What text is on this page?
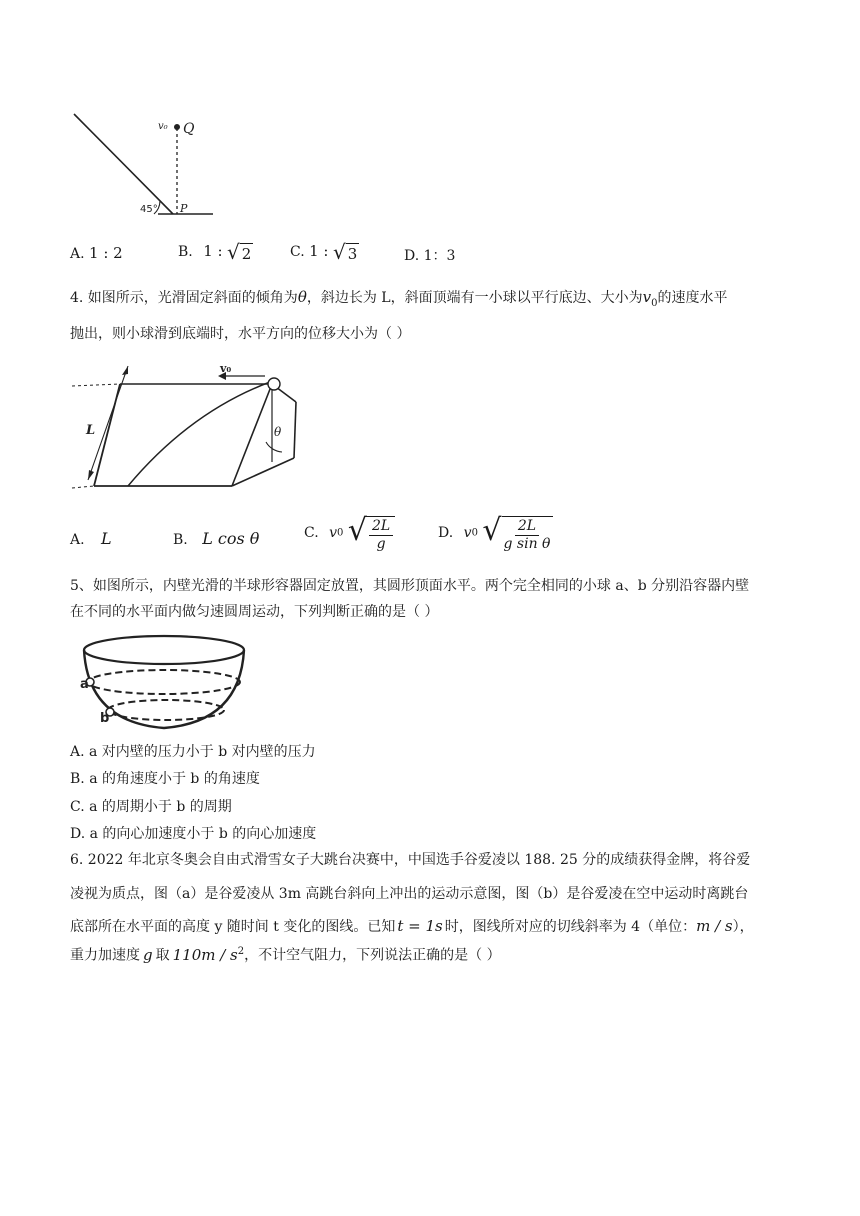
v₀ Q
P
45°
A. 1 : 2	B. 1 : √ 2	C. 1 : √ 3	D. 1：3
4. 如图所示，光滑固定斜面的倾角为θ，斜边长为 L，斜面顶端有一小球以平行底边、大小为$v_0$的速度水平
抛出，则小球滑到底端时，水平方向的位移大小为（ ）
v₀
L	θ
A. L	B. L cos θ	C. v0 √ $\frac{2L}{g}$	D. v0 √ $\frac{2L}{\text{g sin θ}}$
5、如图所示，内壁光滑的半球形容器固定放置，其圆形顶面水平。两个完全相同的小球 a、b 分别沿容器内壁
在不同的水平面内做匀速圆周运动，下列判断正确的是（ ）
a
b
A. a 对内壁的压力小于 b 对内壁的压力
B. a 的角速度小于 b 的角速度
C. a 的周期小于 b 的周期
D. a 的向心加速度小于 b 的向心加速度
6. 2022 年北京冬奥会自由式滑雪女子大跳台决赛中，中国选手谷爱凌以 188. 25 分的成绩获得金牌，将谷爱
凌视为质点，图（a）是谷爱凌从 3m 高跳台斜向上冲出的运动示意图，图（b）是谷爱凌在空中运动时离跳台
底部所在水平面的高度 y 随时间 t 变化的图线。已知 t = 1s 时，图线所对应的切线斜率为 4（单位：m / s），
重力加速度 g 取 $110m / s^2$，不计空气阻力，下列说法正确的是（ ）
